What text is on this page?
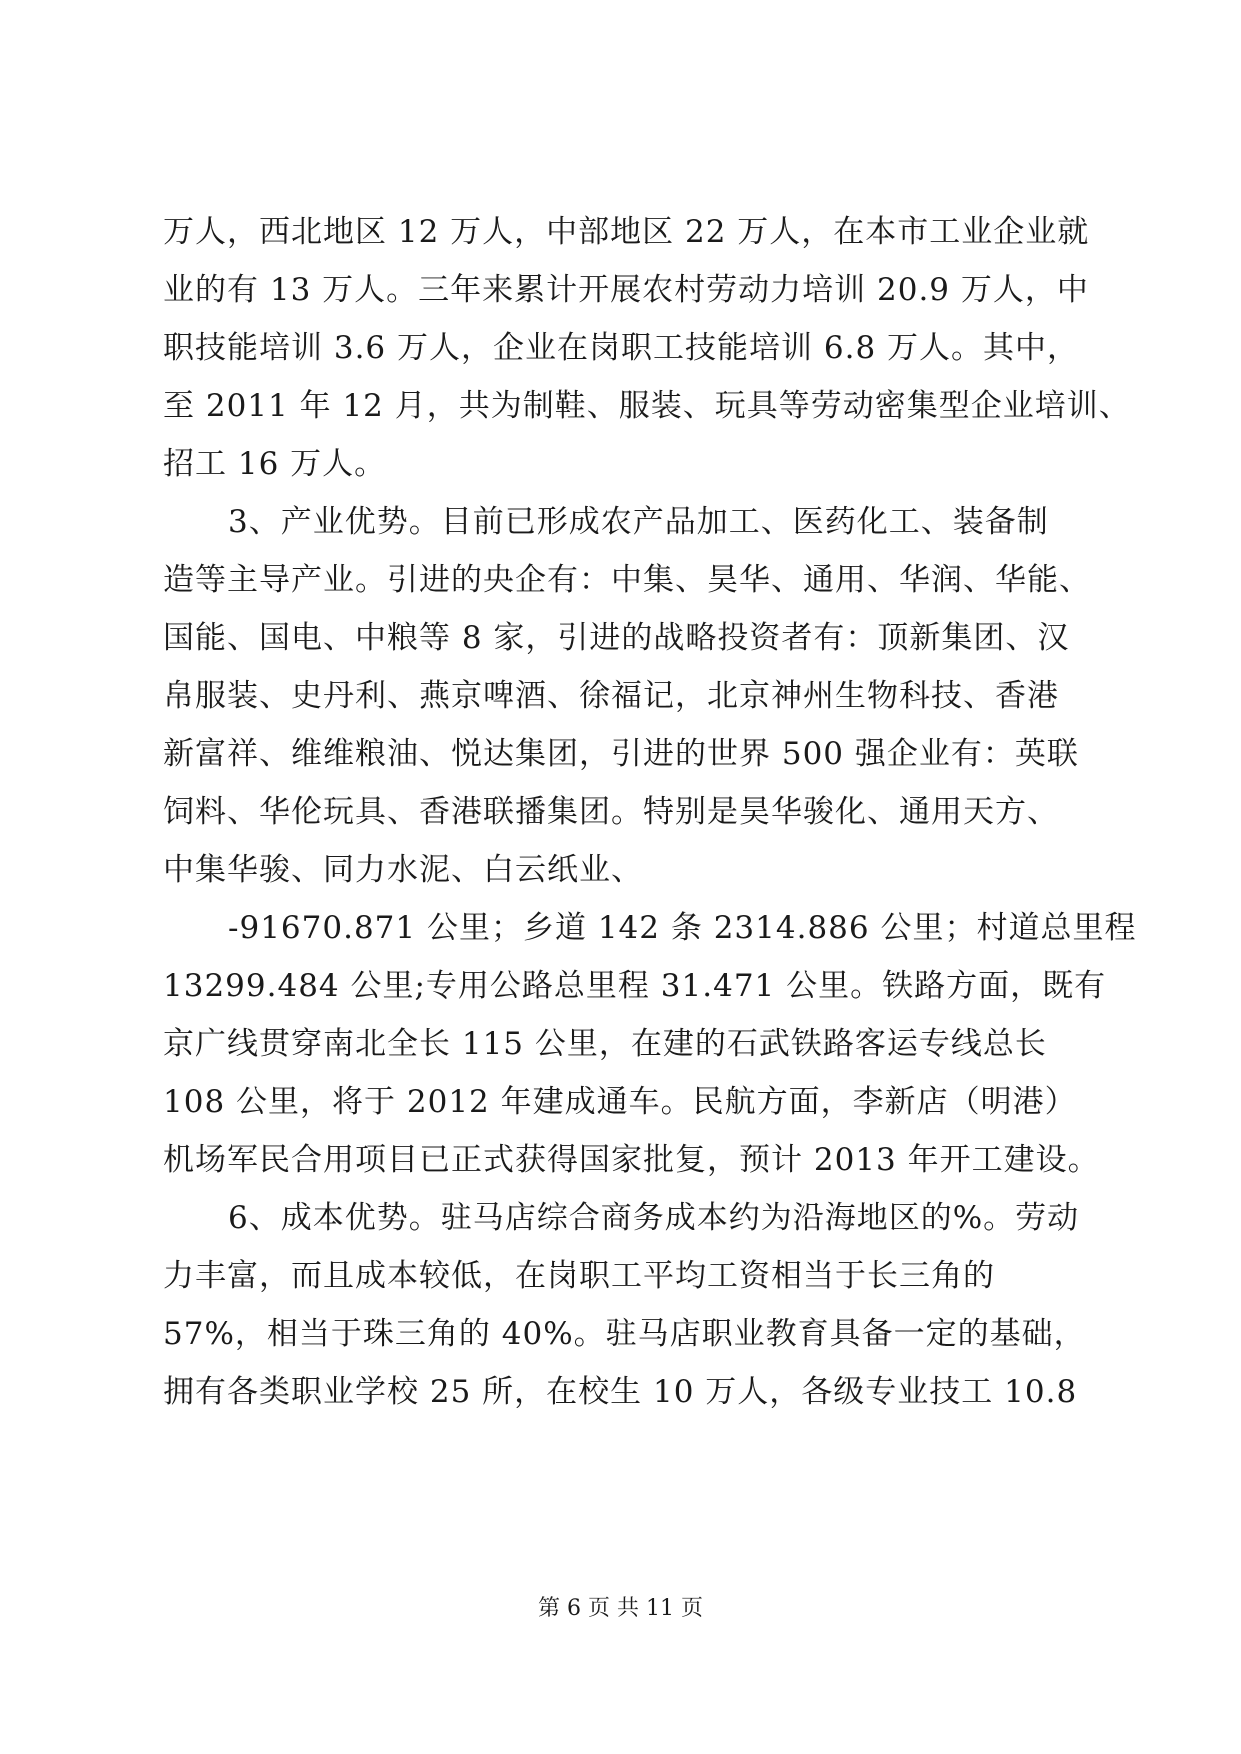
万人，西北地区 12 万人，中部地区 22 万人，在本市工业企业就
业的有 13 万人。三年来累计开展农村劳动力培训 20.9 万人，中
职技能培训 3.6 万人，企业在岗职工技能培训 6.8 万人。其中，
至 2011 年 12 月，共为制鞋、服装、玩具等劳动密集型企业培训、
招工 16 万人。
3、产业优势。目前已形成农产品加工、医药化工、装备制
造等主导产业。引进的央企有：中集、昊华、通用、华润、华能、
国能、国电、中粮等 8 家，引进的战略投资者有：顶新集团、汉
帛服装、史丹利、燕京啤酒、徐福记，北京神州生物科技、香港
新富祥、维维粮油、悦达集团，引进的世界 500 强企业有：英联
饲料、华伦玩具、香港联播集团。特别是昊华骏化、通用天方、
中集华骏、同力水泥、白云纸业、
-91670.871 公里；乡道 142 条 2314.886 公里；村道总里程
13299.484 公里;专用公路总里程 31.471 公里。铁路方面，既有
京广线贯穿南北全长 115 公里，在建的石武铁路客运专线总长
108 公里，将于 2012 年建成通车。民航方面，李新店（明港）
机场军民合用项目已正式获得国家批复，预计 2013 年开工建设。
6、成本优势。驻马店综合商务成本约为沿海地区的%。劳动
力丰富，而且成本较低，在岗职工平均工资相当于长三角的
57%，相当于珠三角的 40%。驻马店职业教育具备一定的基础，
拥有各类职业学校 25 所，在校生 10 万人，各级专业技工 10.8
第 6 页 共 11 页
